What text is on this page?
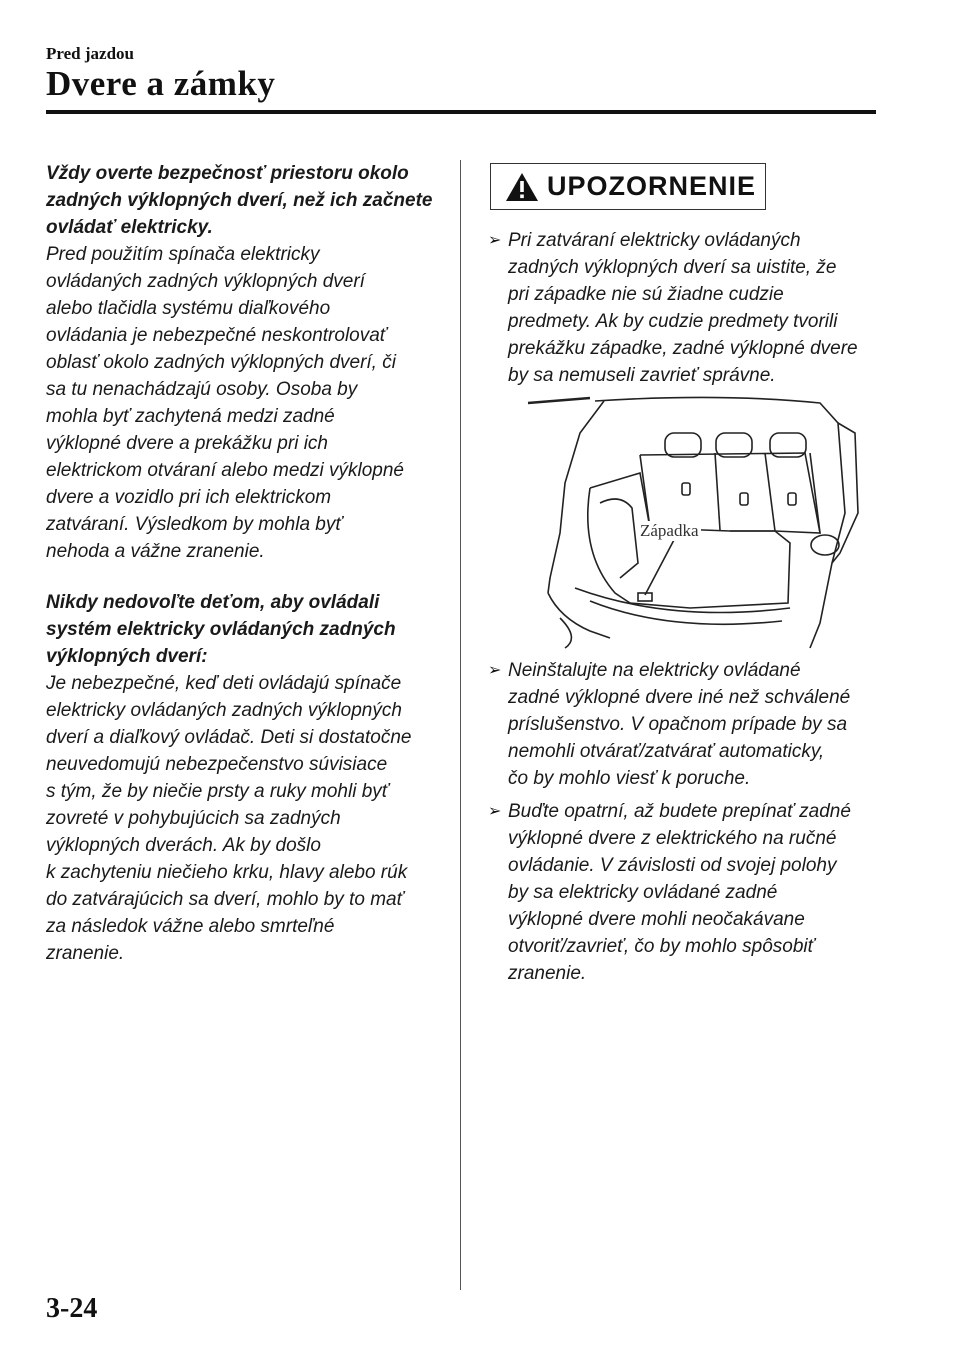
Pred jazdou
Dvere a zámky

Vždy overte bezpečnosť priestoru okolo
zadných výklopných dverí, než ich začnete
ovládať elektricky.

Pred použitím spínača elektricky
ovládaných zadných výklopných dverí
alebo tlačidla systému diaľkového
ovládania je nebezpečné neskontrolovať
oblasť okolo zadných výklopných dverí, či
sa tu nenachádzajú osoby. Osoba by
mohla byť zachytená medzi zadné
výklopné dvere a prekážku pri ich
elektrickom otváraní alebo medzi výklopné
dvere a vozidlo pri ich elektrickom
zatváraní. Výsledkom by mohla byť
nehoda a vážne zranenie.

Nikdy nedovoľte deťom, aby ovládali
systém elektricky ovládaných zadných
výklopných dverí:

Je nebezpečné, keď deti ovládajú spínače
elektricky ovládaných zadných výklopných
dverí a diaľkový ovládač. Deti si dostatočne
neuvedomujú nebezpečenstvo súvisiace
s tým, že by niečie prsty a ruky mohli byť
zovreté v pohybujúcich sa zadných
výklopných dverách. Ak by došlo
k zachyteniu niečieho krku, hlavy alebo rúk
do zatvárajúcich sa dverí, mohlo by to mať
za následok vážne alebo smrteľné
zranenie.

UPOZORNENIE
➢ Pri zatváraní elektricky ovládaných
zadných výklopných dverí sa uistite, že
pri západke nie sú žiadne cudzie
predmety. Ak by cudzie predmety tvorili
prekážku západke, zadné výklopné dvere
by sa nemuseli zavrieť správne.
Západka
➢ Neinštalujte na elektricky ovládané
zadné výklopné dvere iné než schválené
príslušenstvo. V opačnom prípade by sa
nemohli otvárať/zatvárať automaticky,
čo by mohlo viesť k poruche.
➢ Buďte opatrní, až budete prepínať zadné
výklopné dvere z elektrického na ručné
ovládanie. V závislosti od svojej polohy
by sa elektricky ovládané zadné
výklopné dvere mohli neočakávane
otvoriť/zavrieť, čo by mohlo spôsobiť
zranenie.
3-24
